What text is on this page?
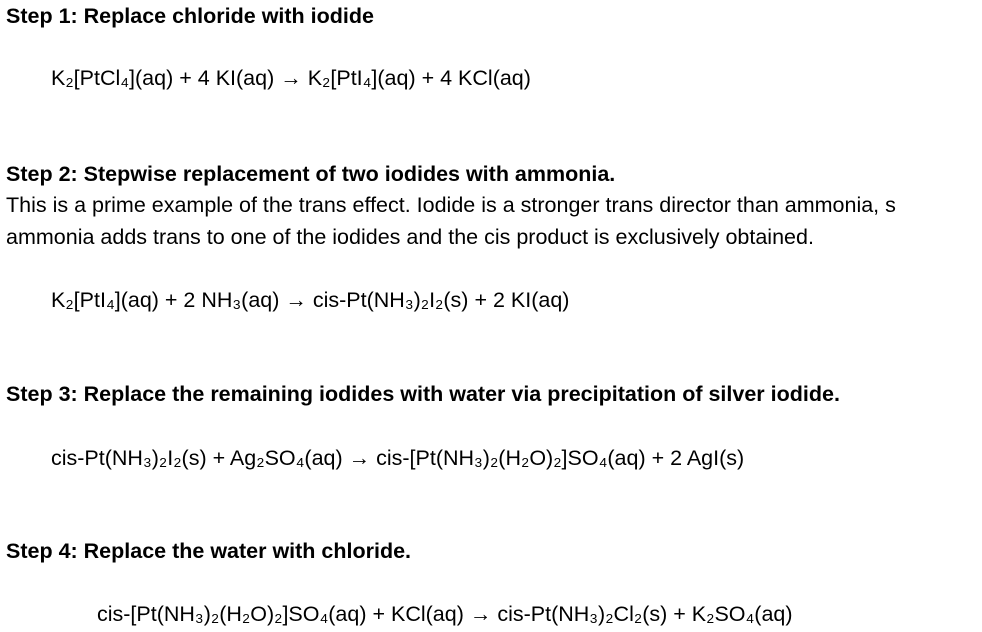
Step 1: Replace chloride with iodide
K₂[PtCl₄](aq) + 4 KI(aq) → K₂[PtI₄](aq) + 4 KCl(aq)
Step 2: Stepwise replacement of two iodides with ammonia.
This is a prime example of the trans effect. Iodide is a stronger trans director than ammonia, s
ammonia adds trans to one of the iodides and the cis product is exclusively obtained.
K₂[PtI₄](aq) + 2 NH₃(aq) → cis-Pt(NH₃)₂I₂(s) + 2 KI(aq)
Step 3: Replace the remaining iodides with water via precipitation of silver iodide.
cis-Pt(NH₃)₂I₂(s) + Ag₂SO₄(aq) → cis-[Pt(NH₃)₂(H₂O)₂]SO₄(aq) + 2 AgI(s)
Step 4: Replace the water with chloride.
cis-[Pt(NH₃)₂(H₂O)₂]SO₄(aq) + KCl(aq) → cis-Pt(NH₃)₂Cl₂(s) + K₂SO₄(aq)
